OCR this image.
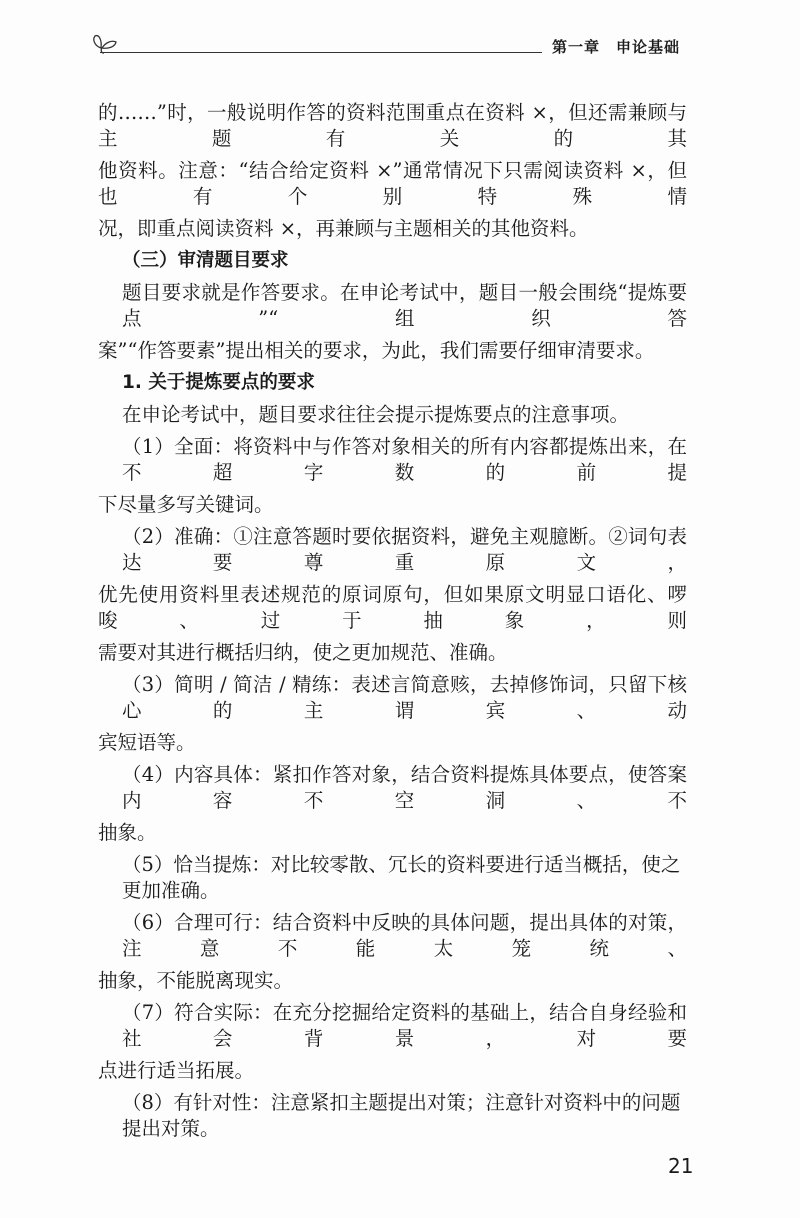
第一章　申论基础
的……”时，一般说明作答的资料范围重点在资料 ×，但还需兼顾与主题有关的其
他资料。注意：“结合给定资料 ×”通常情况下只需阅读资料 ×，但也有个别特殊情
况，即重点阅读资料 ×，再兼顾与主题相关的其他资料。
（三）审清题目要求
题目要求就是作答要求。在申论考试中，题目一般会围绕“提炼要点”“组织答
案”“作答要素”提出相关的要求，为此，我们需要仔细审清要求。
1. 关于提炼要点的要求
在申论考试中，题目要求往往会提示提炼要点的注意事项。
（1）全面：将资料中与作答对象相关的所有内容都提炼出来，在不超字数的前提
下尽量多写关键词。
（2）准确：①注意答题时要依据资料，避免主观臆断。②词句表达要尊重原文，
优先使用资料里表述规范的原词原句，但如果原文明显口语化、啰唆、过于抽象，则
需要对其进行概括归纳，使之更加规范、准确。
（3）简明 / 简洁 / 精练：表述言简意赅，去掉修饰词，只留下核心的主谓宾、动
宾短语等。
（4）内容具体：紧扣作答对象，结合资料提炼具体要点，使答案内容不空洞、不
抽象。
（5）恰当提炼：对比较零散、冗长的资料要进行适当概括，使之更加准确。
（6）合理可行：结合资料中反映的具体问题，提出具体的对策，注意不能太笼统、
抽象，不能脱离现实。
（7）符合实际：在充分挖掘给定资料的基础上，结合自身经验和社会背景，对要
点进行适当拓展。
（8）有针对性：注意紧扣主题提出对策；注意针对资料中的问题提出对策。
21
